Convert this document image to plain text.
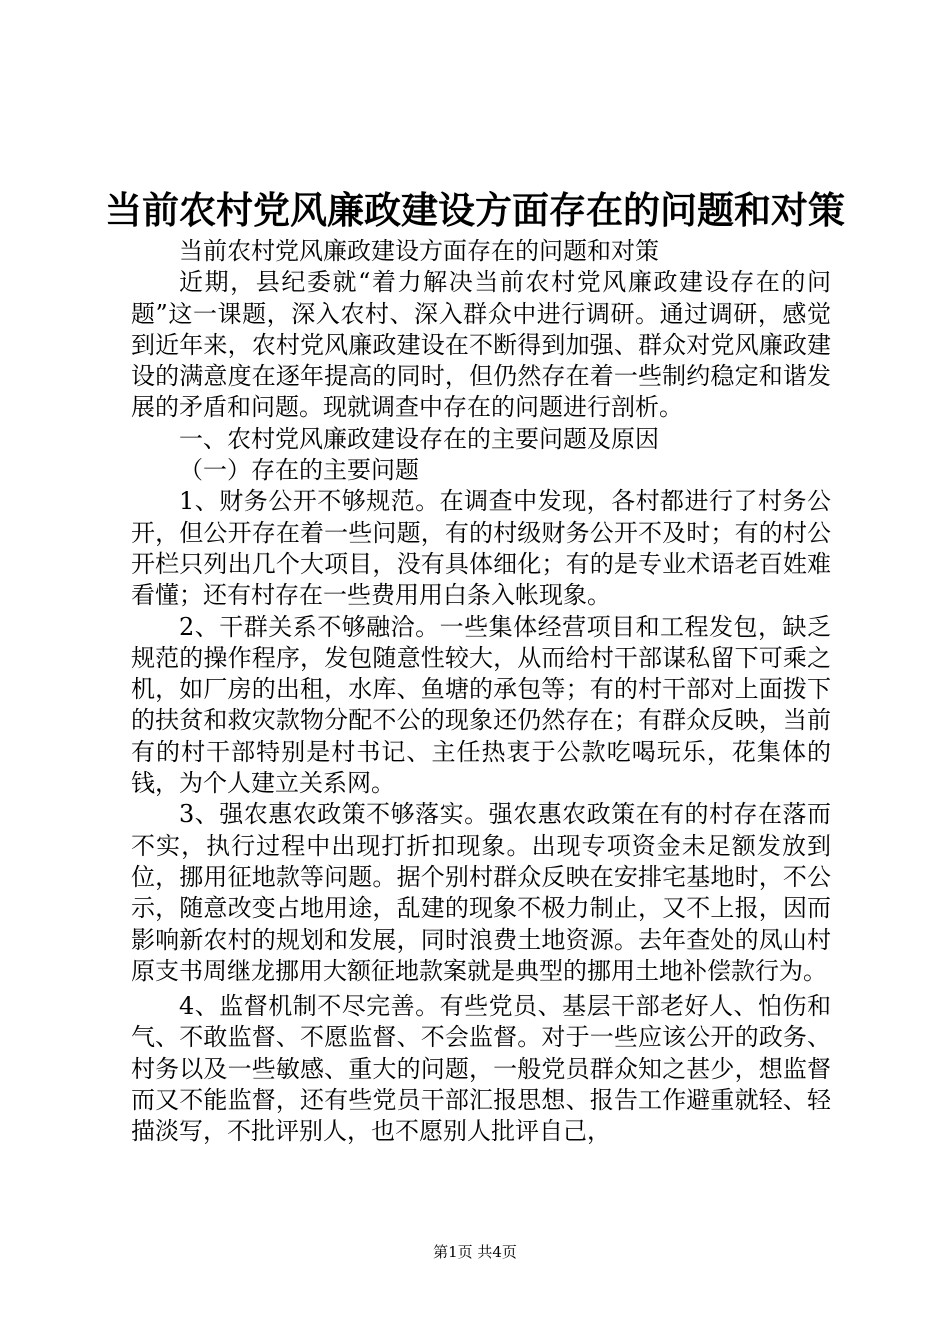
当前农村党风廉政建设方面存在的问题和对策

当前农村党风廉政建设方面存在的问题和对策

近期，县纪委就“着力解决当前农村党风廉政建设存在的问题”这一课题，深入农村、深入群众中进行调研。通过调研，感觉到近年来，农村党风廉政建设在不断得到加强、群众对党风廉政建设的满意度在逐年提高的同时，但仍然存在着一些制约稳定和谐发展的矛盾和问题。现就调查中存在的问题进行剖析。

一、农村党风廉政建设存在的主要问题及原因

（一）存在的主要问题

1、财务公开不够规范。在调查中发现，各村都进行了村务公开，但公开存在着一些问题，有的村级财务公开不及时；有的村公开栏只列出几个大项目，没有具体细化；有的是专业术语老百姓难看懂；还有村存在一些费用用白条入帐现象。

2、干群关系不够融洽。一些集体经营项目和工程发包，缺乏规范的操作程序，发包随意性较大，从而给村干部谋私留下可乘之机，如厂房的出租，水库、鱼塘的承包等；有的村干部对上面拨下的扶贫和救灾款物分配不公的现象还仍然存在；有群众反映，当前有的村干部特别是村书记、主任热衷于公款吃喝玩乐，花集体的钱，为个人建立关系网。

3、强农惠农政策不够落实。强农惠农政策在有的村存在落而不实，执行过程中出现打折扣现象。出现专项资金未足额发放到位，挪用征地款等问题。据个别村群众反映在安排宅基地时，不公示，随意改变占地用途，乱建的现象不极力制止，又不上报，因而影响新农村的规划和发展，同时浪费土地资源。去年查处的凤山村原支书周继龙挪用大额征地款案就是典型的挪用土地补偿款行为。

4、监督机制不尽完善。有些党员、基层干部老好人、怕伤和气、不敢监督、不愿监督、不会监督。对于一些应该公开的政务、村务以及一些敏感、重大的问题，一般党员群众知之甚少，想监督而又不能监督，还有些党员干部汇报思想、报告工作避重就轻、轻描淡写，不批评别人，也不愿别人批评自己，

第1页 共4页
